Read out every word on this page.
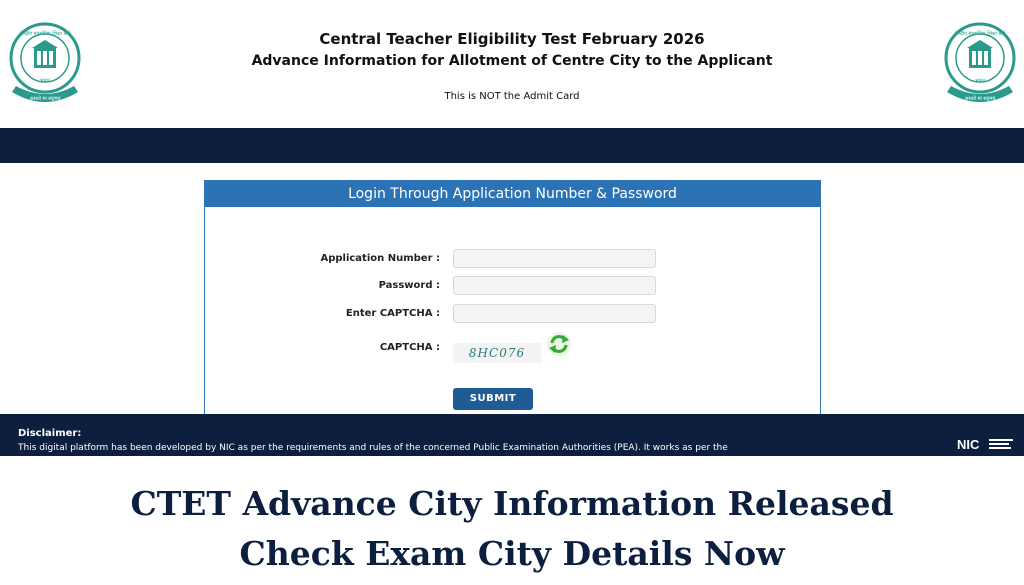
केन्द्रीय माध्यमिक शिक्षा बोर्ड
भारत
असतो मा सद्गमय
Central Teacher Eligibility Test February 2026
Advance Information for Allotment of Centre City to the Applicant
This is NOT the Admit Card
केन्द्रीय माध्यमिक शिक्षा बोर्ड
भारत
असतो मा सद्गमय
Login Through Application Number & Password
Application Number :
Password :
Enter CAPTCHA :
CAPTCHA :	8HC076
SUBMIT
Disclaimer:
This digital platform has been developed by NIC as per the requirements and rules of the concerned Public Examination Authorities (PEA). It works as per the	NIC
CTET Advance City Information Released
Check Exam City Details Now
